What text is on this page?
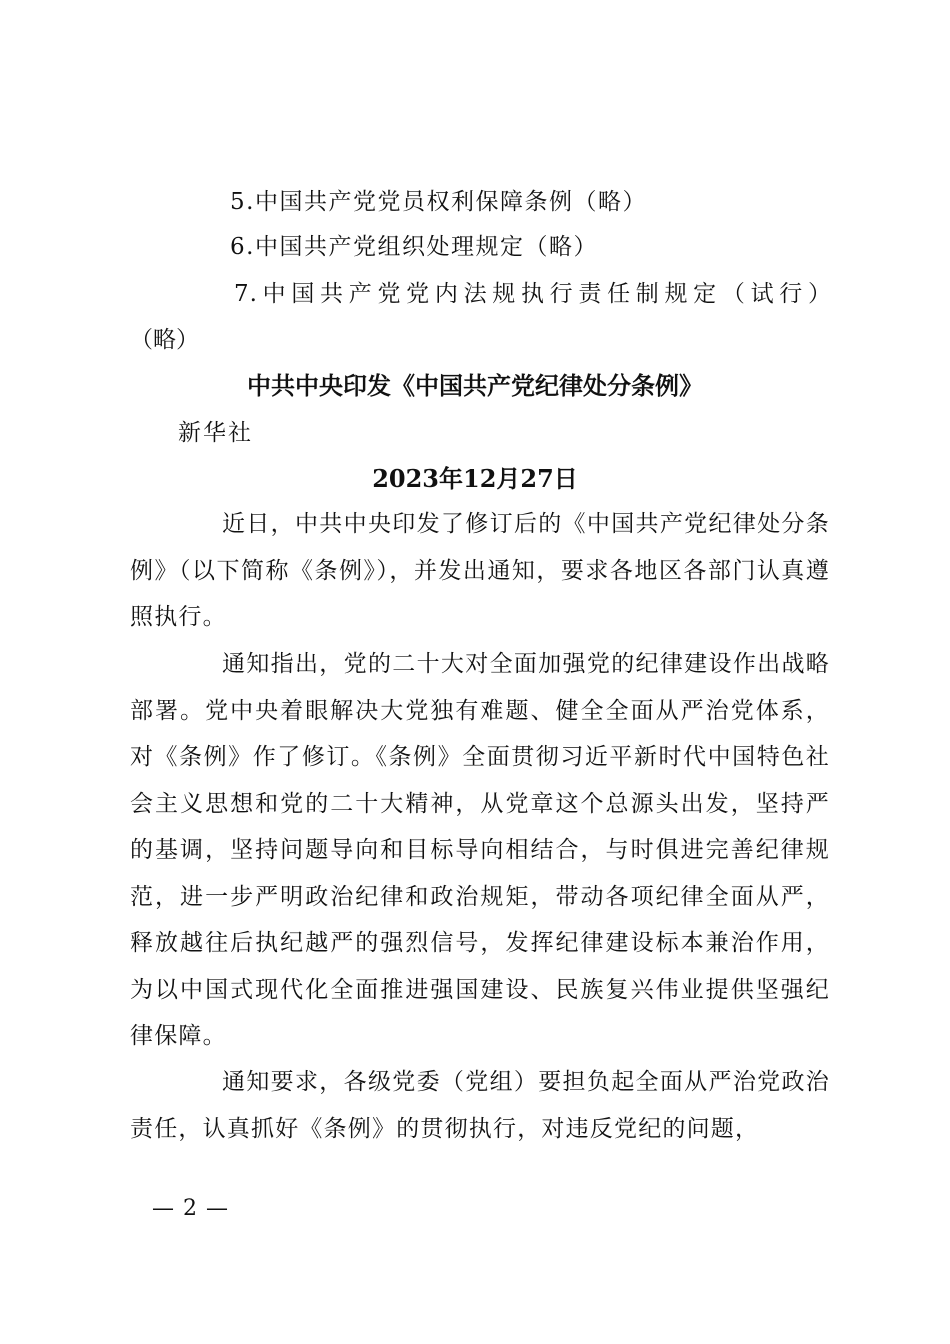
5.中国共产党党员权利保障条例（略）
6.中国共产党组织处理规定（略）
7.中国共产党党内法规执行责任制规定（试行）
（略）
中共中央印发《中国共产党纪律处分条例》
新华社
2023年12月27日

近日，中共中央印发了修订后的《中国共产党纪律处分条例》（以下简称《条例》），并发出通知，要求各地区各部门认真遵照执行。

通知指出，党的二十大对全面加强党的纪律建设作出战略部署。党中央着眼解决大党独有难题、健全全面从严治党体系，对《条例》作了修订。《条例》全面贯彻习近平新时代中国特色社会主义思想和党的二十大精神，从党章这个总源头出发，坚持严的基调，坚持问题导向和目标导向相结合，与时俱进完善纪律规范，进一步严明政治纪律和政治规矩，带动各项纪律全面从严，释放越往后执纪越严的强烈信号，发挥纪律建设标本兼治作用，为以中国式现代化全面推进强国建设、民族复兴伟业提供坚强纪律保障。

通知要求，各级党委（党组）要担负起全面从严治党政治责任，认真抓好《条例》的贯彻执行，对违反党纪的问题，

— 2 —
